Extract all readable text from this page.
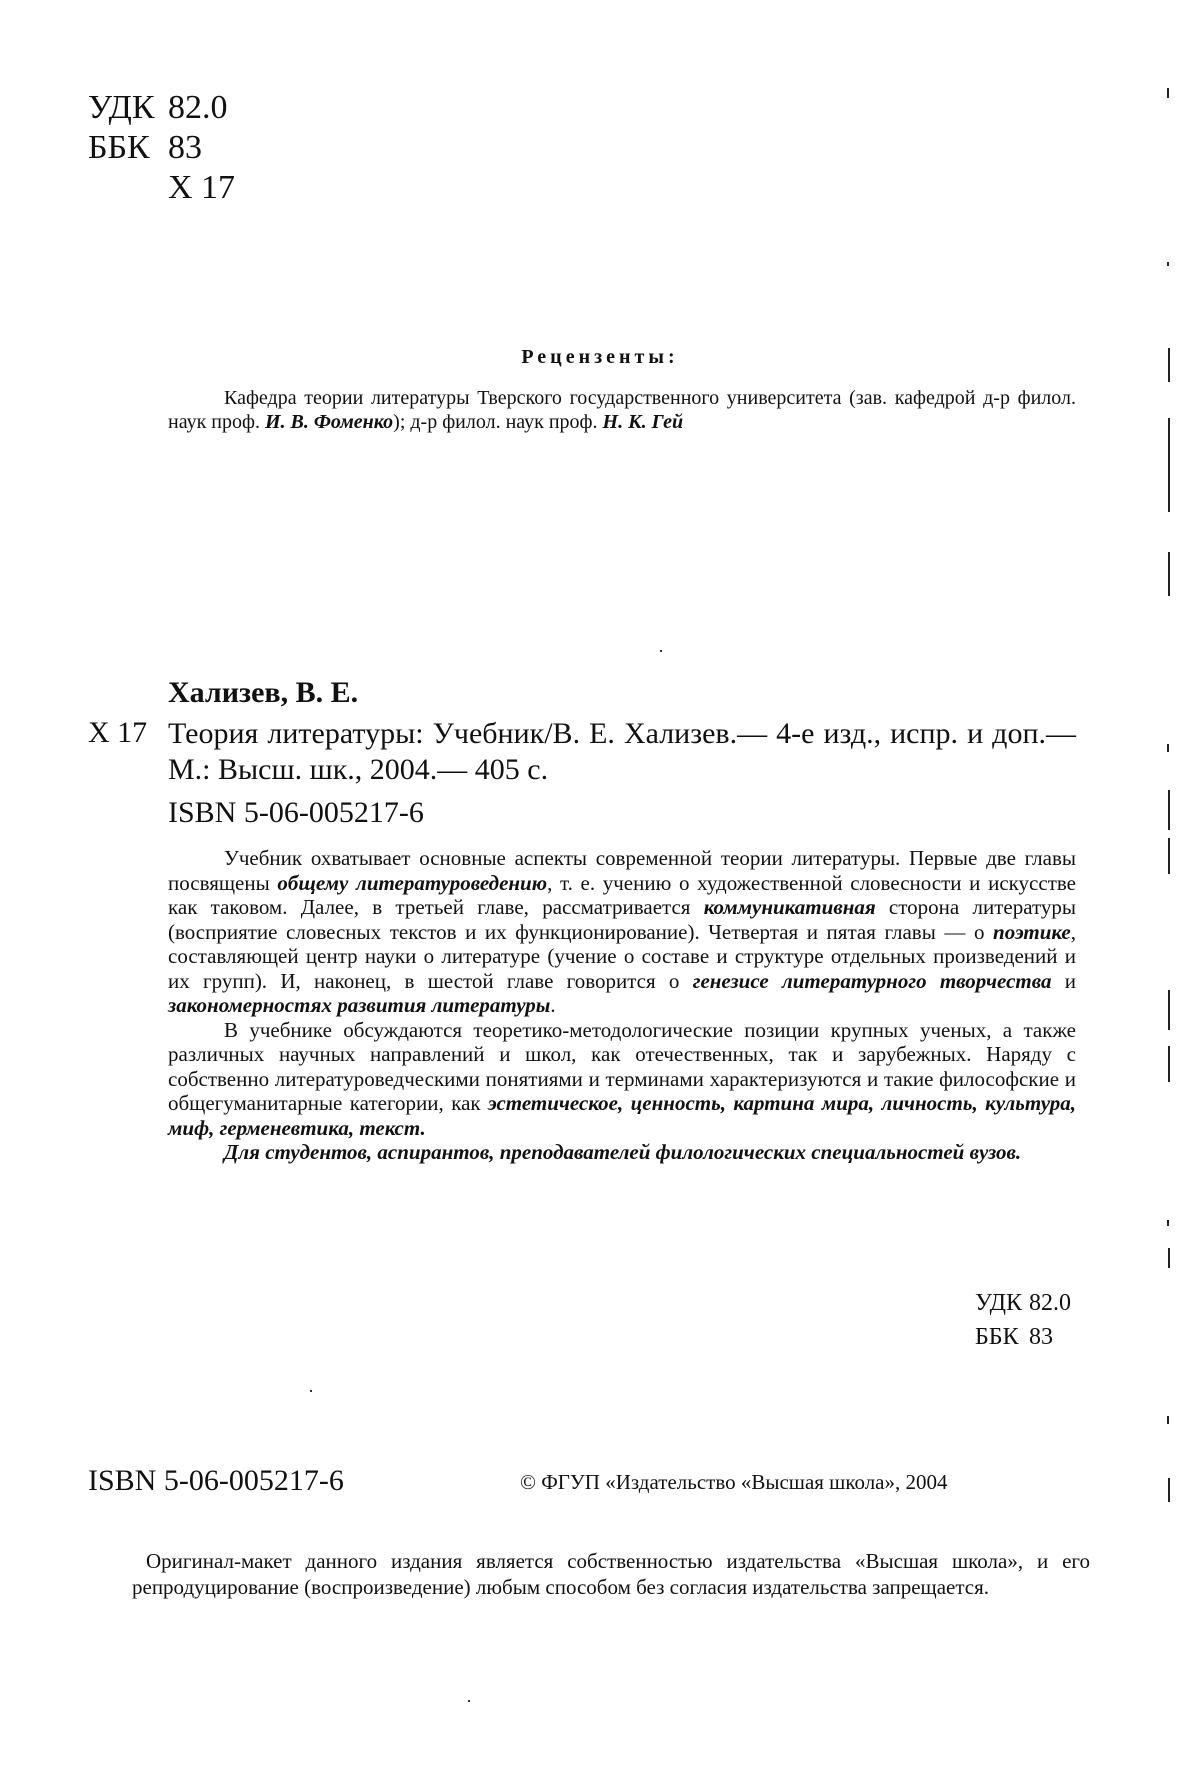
УДК 82.0
ББК 83
Х 17
Рецензенты:
Кафедра теории литературы Тверского государственного университета (зав. кафедрой д-р филол. наук проф. И. В. Фоменко); д-р филол. наук проф. Н. К. Гей
Хализев, В. Е.
Х 17 Теория литературы: Учебник/В. Е. Хализев.— 4-е изд., испр. и доп.— М.: Высш. шк., 2004.— 405 с.
ISBN 5-06-005217-6

Учебник охватывает основные аспекты современной теории литературы. Первые две главы посвящены общему литературоведению, т. е. учению о художественной словесности и искусстве как таковом. Далее, в третьей главе, рассматривается коммуникативная сторона литературы (восприятие словесных текстов и их функционирование). Четвертая и пятая главы — о поэтике, составляющей центр науки о литературе (учение о составе и структуре отдельных произведений и их групп). И, наконец, в шестой главе говорится о генезисе литературного творчества и закономерностях развития литературы.

В учебнике обсуждаются теоретико-методологические позиции крупных ученых, а также различных научных направлений и школ, как отечественных, так и зарубежных. Наряду с собственно литературоведческими понятиями и терминами характеризуются и такие философские и общегуманитарные категории, как эстетическое, ценность, картина мира, личность, культура, миф, герменевтика, текст.

Для студентов, аспирантов, преподавателей филологических специальностей вузов.

УДК 82.0
ББК 83
ISBN 5-06-005217-6	© ФГУП «Издательство «Высшая школа», 2004
Оригинал-макет данного издания является собственностью издательства «Высшая школа», и его репродуцирование (воспроизведение) любым способом без согласия издательства запрещается.
